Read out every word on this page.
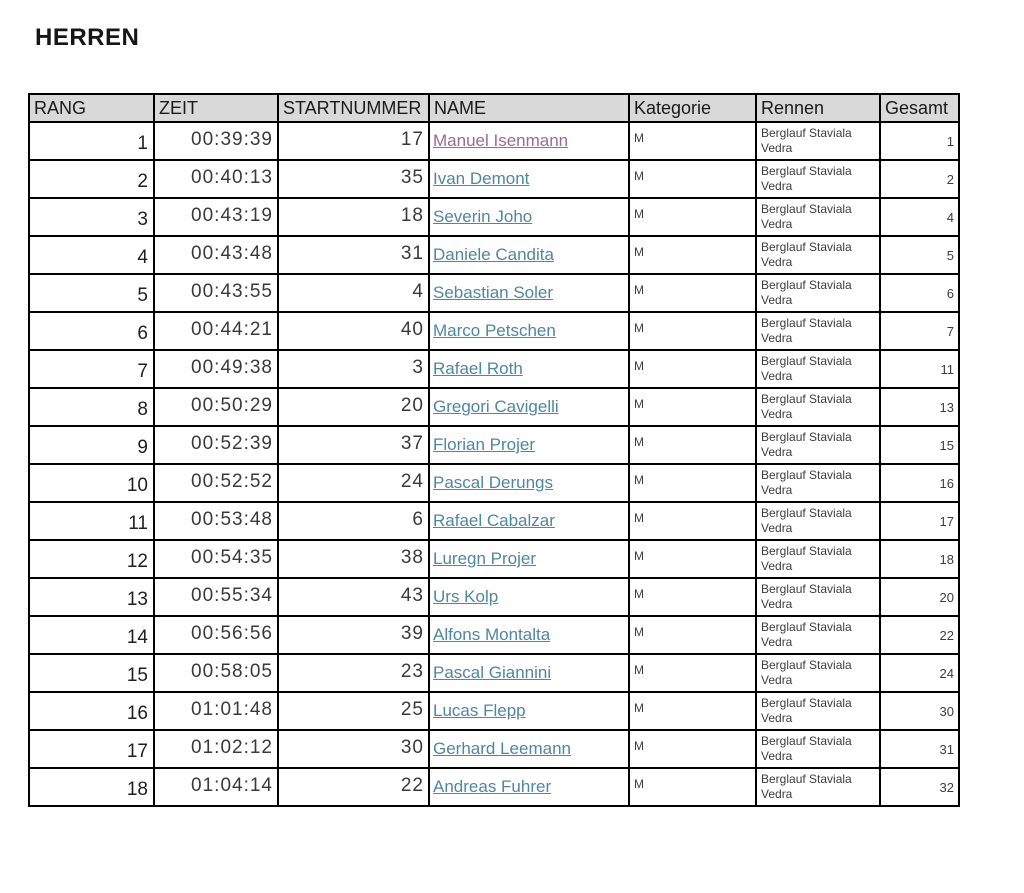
HERREN
RANG	ZEIT	STARTNUMMER	NAME	Kategorie	Rennen	Gesamt
1	00:39:39	17	Manuel Isenmann	M	Berglauf Staviala Vedra	1
2	00:40:13	35	Ivan Demont	M	Berglauf Staviala Vedra	2
3	00:43:19	18	Severin Joho	M	Berglauf Staviala Vedra	4
4	00:43:48	31	Daniele Candita	M	Berglauf Staviala Vedra	5
5	00:43:55	4	Sebastian Soler	M	Berglauf Staviala Vedra	6
6	00:44:21	40	Marco Petschen	M	Berglauf Staviala Vedra	7
7	00:49:38	3	Rafael Roth	M	Berglauf Staviala Vedra	11
8	00:50:29	20	Gregori Cavigelli	M	Berglauf Staviala Vedra	13
9	00:52:39	37	Florian Projer	M	Berglauf Staviala Vedra	15
10	00:52:52	24	Pascal Derungs	M	Berglauf Staviala Vedra	16
11	00:53:48	6	Rafael Cabalzar	M	Berglauf Staviala Vedra	17
12	00:54:35	38	Luregn Projer	M	Berglauf Staviala Vedra	18
13	00:55:34	43	Urs Kolp	M	Berglauf Staviala Vedra	20
14	00:56:56	39	Alfons Montalta	M	Berglauf Staviala Vedra	22
15	00:58:05	23	Pascal Giannini	M	Berglauf Staviala Vedra	24
16	01:01:48	25	Lucas Flepp	M	Berglauf Staviala Vedra	30
17	01:02:12	30	Gerhard Leemann	M	Berglauf Staviala Vedra	31
18	01:04:14	22	Andreas Fuhrer	M	Berglauf Staviala Vedra	32
